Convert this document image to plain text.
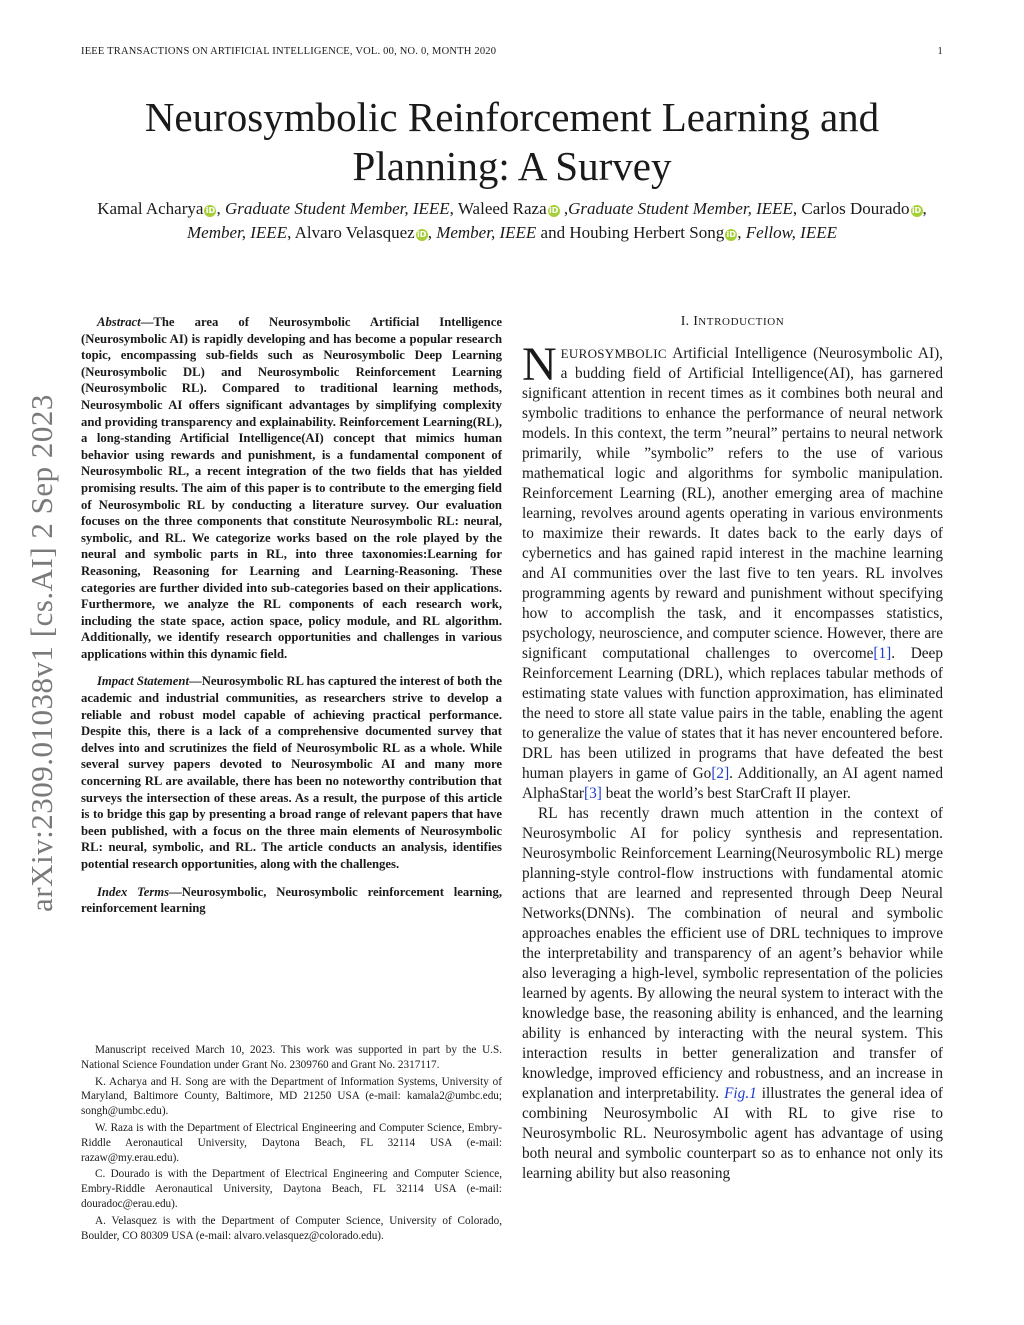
IEEE TRANSACTIONS ON ARTIFICIAL INTELLIGENCE, VOL. 00, NO. 0, MONTH 2020	1
arXiv:2309.01038v1 [cs.AI] 2 Sep 2023
Neurosymbolic Reinforcement Learning and Planning: A Survey
Kamal Acharya iD, Graduate Student Member, IEEE, Waleed Raza iD ,Graduate Student Member, IEEE, Carlos Dourado iD, Member, IEEE, Alvaro Velasquez iD, Member, IEEE and Houbing Herbert Song iD, Fellow, IEEE

Abstract—The area of Neurosymbolic Artificial Intelligence (Neurosymbolic AI) is rapidly developing and has become a popular research topic, encompassing sub-fields such as Neurosymbolic Deep Learning (Neurosymbolic DL) and Neurosymbolic Reinforcement Learning (Neurosymbolic RL). Compared to traditional learning methods, Neurosymbolic AI offers significant advantages by simplifying complexity and providing transparency and explainability. Reinforcement Learning(RL), a long-standing Artificial Intelligence(AI) concept that mimics human behavior using rewards and punishment, is a fundamental component of Neurosymbolic RL, a recent integration of the two fields that has yielded promising results. The aim of this paper is to contribute to the emerging field of Neurosymbolic RL by conducting a literature survey. Our evaluation focuses on the three components that constitute Neurosymbolic RL: neural, symbolic, and RL. We categorize works based on the role played by the neural and symbolic parts in RL, into three taxonomies:Learning for Reasoning, Reasoning for Learning and Learning-Reasoning. These categories are further divided into sub-categories based on their applications. Furthermore, we analyze the RL components of each research work, including the state space, action space, policy module, and RL algorithm. Additionally, we identify research opportunities and challenges in various applications within this dynamic field.

Impact Statement—Neurosymbolic RL has captured the interest of both the academic and industrial communities, as researchers strive to develop a reliable and robust model capable of achieving practical performance. Despite this, there is a lack of a comprehensive documented survey that delves into and scrutinizes the field of Neurosymbolic RL as a whole. While several survey papers devoted to Neurosymbolic AI and many more concerning RL are available, there has been no noteworthy contribution that surveys the intersection of these areas. As a result, the purpose of this article is to bridge this gap by presenting a broad range of relevant papers that have been published, with a focus on the three main elements of Neurosymbolic RL: neural, symbolic, and RL. The article conducts an analysis, identifies potential research opportunities, along with the challenges.

Index Terms—Neurosymbolic, Neurosymbolic reinforcement learning, reinforcement learning

Manuscript received March 10, 2023. This work was supported in part by the U.S. National Science Foundation under Grant No. 2309760 and Grant No. 2317117.

K. Acharya and H. Song are with the Department of Information Systems, University of Maryland, Baltimore County, Baltimore, MD 21250 USA (e-mail: kamala2@umbc.edu; songh@umbc.edu).

W. Raza is with the Department of Electrical Engineering and Computer Science, Embry-Riddle Aeronautical University, Daytona Beach, FL 32114 USA (e-mail: razaw@my.erau.edu).

C. Dourado is with the Department of Electrical Engineering and Computer Science, Embry-Riddle Aeronautical University, Daytona Beach, FL 32114 USA (e-mail: douradoc@erau.edu).

A. Velasquez is with the Department of Computer Science, University of Colorado, Boulder, CO 80309 USA (e-mail: alvaro.velasquez@colorado.edu).

I. INTRODUCTION

NEUROSYMBOLIC Artificial Intelligence (Neurosymbolic AI), a budding field of Artificial Intelligence(AI), has garnered significant attention in recent times as it combines both neural and symbolic traditions to enhance the performance of neural network models. In this context, the term ”neural” pertains to neural network primarily, while ”symbolic” refers to the use of various mathematical logic and algorithms for symbolic manipulation. Reinforcement Learning (RL), another emerging area of machine learning, revolves around agents operating in various environments to maximize their rewards. It dates back to the early days of cybernetics and has gained rapid interest in the machine learning and AI communities over the last five to ten years. RL involves programming agents by reward and punishment without specifying how to accomplish the task, and it encompasses statistics, psychology, neuroscience, and computer science. However, there are significant computational challenges to overcome[1]. Deep Reinforcement Learning (DRL), which replaces tabular methods of estimating state values with function approximation, has eliminated the need to store all state value pairs in the table, enabling the agent to generalize the value of states that it has never encountered before. DRL has been utilized in programs that have defeated the best human players in game of Go[2]. Additionally, an AI agent named AlphaStar[3] beat the world’s best StarCraft II player.

RL has recently drawn much attention in the context of Neurosymbolic AI for policy synthesis and representation. Neurosymbolic Reinforcement Learning(Neurosymbolic RL) merge planning-style control-flow instructions with fundamental atomic actions that are learned and represented through Deep Neural Networks(DNNs). The combination of neural and symbolic approaches enables the efficient use of DRL techniques to improve the interpretability and transparency of an agent’s behavior while also leveraging a high-level, symbolic representation of the policies learned by agents. By allowing the neural system to interact with the knowledge base, the reasoning ability is enhanced, and the learning ability is enhanced by interacting with the neural system. This interaction results in better generalization and transfer of knowledge, improved efficiency and robustness, and an increase in explanation and interpretability. Fig.1 illustrates the general idea of combining Neurosymbolic AI with RL to give rise to Neurosymbolic RL. Neurosymbolic agent has advantage of using both neural and symbolic counterpart so as to enhance not only its learning ability but also reasoning
